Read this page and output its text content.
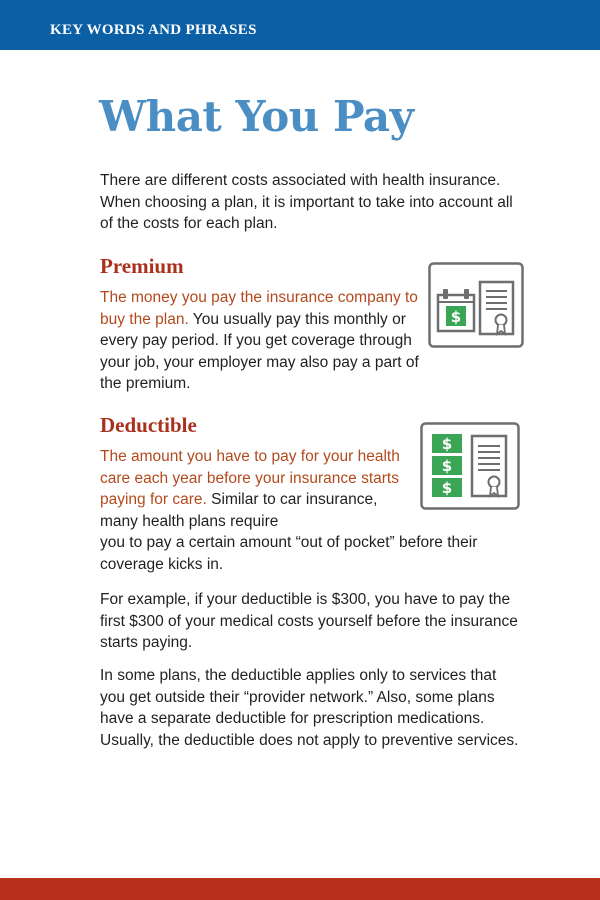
KEY WORDS AND PHRASES
What You Pay

There are different costs associated with health insurance. When choosing a plan, it is important to take into account all of the costs for each plan.

Premium

The money you pay the insurance company to buy the plan. You usually pay this monthly or every pay period. If you get coverage through your job, your employer may also pay a part of the premium.

$
Deductible

The amount you have to pay for your health care each year before your insurance starts paying for care. Similar to car insurance, many health plans require
you to pay a certain amount “out of pocket” before their coverage kicks in.

$
$
$

For example, if your deductible is $300, you have to pay the first $300 of your medical costs yourself before the insurance starts paying.

In some plans, the deductible applies only to services that you get outside their “provider network.” Also, some plans have a separate deductible for prescription medications. Usually, the deductible does not apply to preventive services.
